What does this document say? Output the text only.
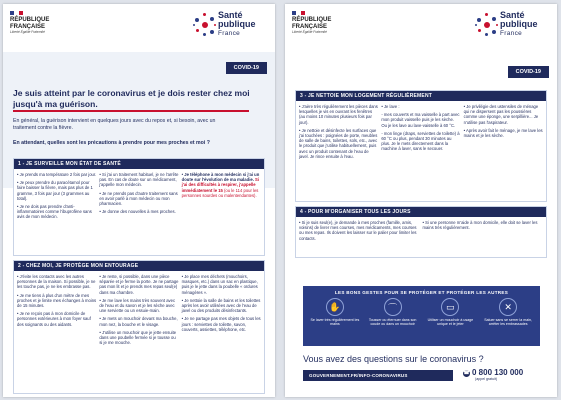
RÉPUBLIQUE FRANÇAISE
Liberté Égalité Fraternité
Santé
publique
France
COVID-19
Je suis atteint par le coronavirus et je dois rester chez moi jusqu'à ma guérison.
En général, la guérison intervient en quelques jours avec du repos et, si besoin, avec un traitement contre la fièvre.
En attendant, quelles sont les précautions à prendre pour mes proches et moi ?
1 - JE SURVEILLE MON ÉTAT DE SANTÉ
• Je prends ma température 2 fois par jour.
• Je peux prendre du paracétamol pour faire baisser la fièvre, mais pas plus de 1 gramme, 3 fois par jour (3 grammes au total).
• Je ne dois pas prendre d'anti-inflammatoires comme l'ibuprofène sans avis de mon médecin.
• Si j'ai un traitement habituel, je ne l'arrête pas. En cas de doute sur un médicament, j'appelle mon médecin.
• Je ne prends pas d'autre traitement sans en avoir parlé à mon médecin ou mon pharmacien.
• Je donne des nouvelles à mes proches.
• Je téléphone à mon médecin si j'ai un doute sur l'évolution de ma maladie. Si j'ai des difficultés à respirer, j'appelle immédiatement le 15 (ou le 114 pour les personnes sourdes ou malentendantes).
2 - CHEZ MOI, JE PROTÈGE MON ENTOURAGE
• J'évite les contacts avec les autres personnes de la maison. Si possible, je ne les touche pas, je ne les embrasse pas.
• Je me tiens à plus d'un mètre de mes proches et je limite mes échanges à moins de 15 minutes.
• Je ne reçois pas à mon domicile de personnes extérieures à mon foyer sauf des soignants ou des aidants.
• Je reste, si possible, dans une pièce séparée et je ferme la porte. Je ne partage pas mon lit et je prends mes repas seul(e) dans ma chambre.
• Je me lave les mains très souvent avec de l'eau et du savon et je les sèche avec une serviette ou un essuie-main.
• Je mets un mouchoir devant ma bouche, mon nez, la bouche et le visage.
• J'utilise un mouchoir que je jette ensuite dans une poubelle fermée si je tousse ou si je me mouche.
• Je place mes déchets (mouchoirs, masques, etc.) dans un sac en plastique, puis je le jette dans la poubelle « ordures ménagères ».
• Je nettoie la salle de bains et les toilettes après les avoir utilisées avec de l'eau de javel ou des produits désinfectants.
• Je ne partage pas mes objets de tous les jours : serviettes de toilette, savon, couverts, assiettes, téléphone, etc.
RÉPUBLIQUE FRANÇAISE
Liberté Égalité Fraternité
Santé
publique
France
COVID-19
3 - JE NETTOIE MON LOGEMENT RÉGULIÈREMENT
• J'aère très régulièrement les pièces dans lesquelles je vis en ouvrant les fenêtres (au moins 10 minutes plusieurs fois par jour).
• Je nettoie et désinfecte les surfaces que j'ai touchées : poignées de porte, meubles de salle de bains, toilettes, sols, etc., avec le produit que j'utilise habituellement, puis avec un produit contenant de l'eau de javel. Je rince ensuite à l'eau.
• Je lave :
- mes couverts et ma vaisselle à part avec mon produit vaisselle puis je les sèche. Ou je les lave au lave-vaisselle à 60 °C.
- mon linge (draps, serviettes de toilette) à 60 °C ou plus, pendant 30 minutes au plus. Je le mets directement dans la machine à laver, sans le secouer.
• Je privilégie des ustensiles de ménage qui ne dispersent pas les poussières comme une éponge, une serpillière... Je n'utilise pas l'aspirateur.
• Après avoir fait le ménage, je me lave les mains et je les sèche.
4 - POUR M'ORGANISER TOUS LES JOURS
• Si je suis seul(e), je demande à mes proches (famille, amis, voisins) de livrer mes courses, mes médicaments, mes courses ou mes repas. Ils doivent les laisser sur le palier pour limiter les contacts.
• Si une personne m'aide à mon domicile, elle doit se laver les mains très régulièrement.
LES BONS GESTES POUR SE PROTÉGER ET PROTÉGER LES AUTRES
✋
Se laver très régulièrement les mains
⌒
Tousser ou éternuer dans son coude ou dans un mouchoir
▭
Utiliser un mouchoir à usage unique et le jeter
✕
Saluer sans se serrer la main, arrêter les embrassades
Vous avez des questions sur le coronavirus ?
GOUVERNEMENT.FR/INFO-CORONAVIRUS	☎ 0 800 130 000
(appel gratuit)
